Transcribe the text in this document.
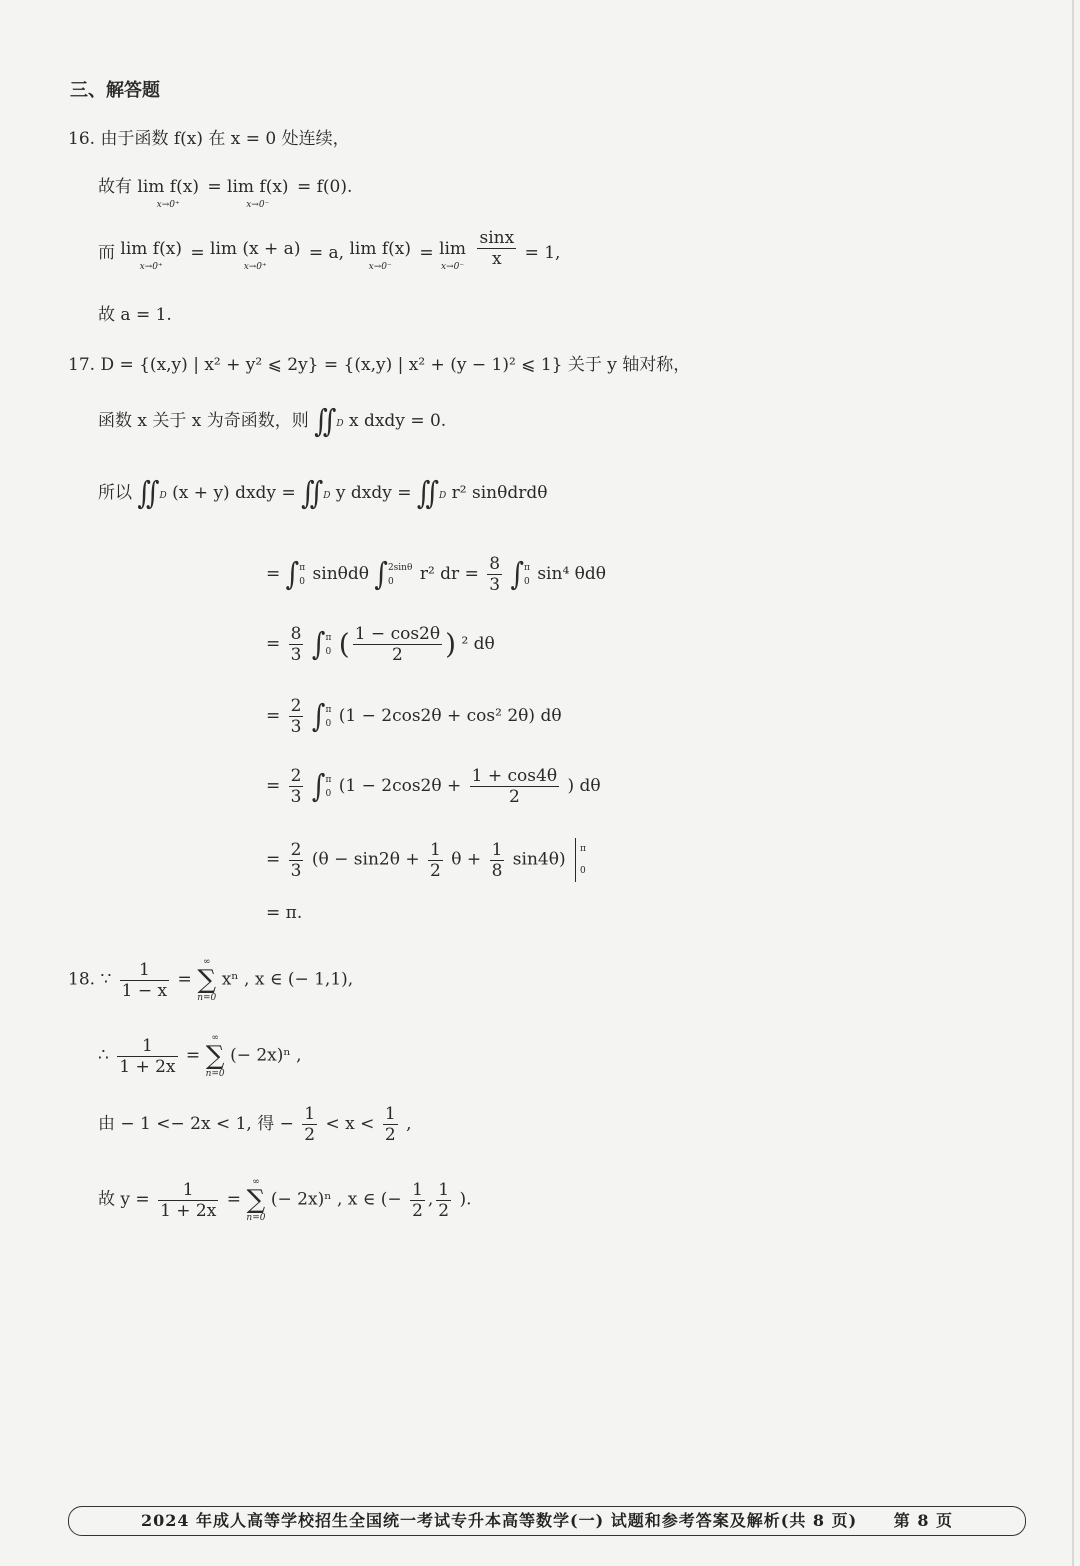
三、解答题
16. 由于函数 f(x) 在 x = 0 处连续，
故有 lim f(x)
x→0⁺
= lim f(x)
x→0⁻
= f(0).
而 lim f(x)
x→0⁺
= lim (x + a)
x→0⁺
= a, lim f(x)
x→0⁻
= lim
x→0⁻
$\frac{\sin x}{x} = 1$,
故 a = 1.
17. D = {(x,y) | x² + y² ⩽ 2y} = {(x,y) | x² + (y − 1)² ⩽ 1} 关于 y 轴对称，
函数 x 关于 x 为奇函数，则 ∬D x dxdy = 0.
所以 ∬D (x + y) dxdy = ∬D y dxdy = ∬D r² sinθdrdθ
= ∫ π
0 sinθdθ ∫ 2sinθ
0	r² dr = $\frac{8}{3}$ ∫ π
0 sin⁴ θdθ
= $\frac{8}{3}$ ∫ π
0 ( $\frac{1 - \cos 2\theta}{2}$ ) ² dθ
= $\frac{2}{3}$ ∫ π
0 (1 − 2cos2θ + cos² 2θ) dθ
= $\frac{2}{3}$ ∫ π
0 ($1 - 2\cos 2\theta + \frac{1 + \cos 4\theta}{2}$ ) dθ
= $\frac{2}{3} (\theta - \sin 2\theta + \frac{1}{2}$ $\theta + \frac{1}{8} \sin 4\theta$)
π
0
= π.
18. ∵ $\frac{1}{1 - x}$ =
∞
∑
n=0
xⁿ , x ∈ (− 1,1),
∴ $\frac{1}{1 + 2x}$ =
∞
∑
n=0
(− 2x)ⁿ ,
由 − 1 <− 2x < 1, 得 − $\frac{1}{2} < x < \frac{1}{2}$ ,
故 $y = \frac{1}{1 + 2x}$ =
∞
∑
n=0
(− 2x)ⁿ , x ∈ (− $\frac{1}{2}$ , $\frac{1}{2}$ ).
2024 年成人高等学校招生全国统一考试专升本高等数学(一) 试题和参考答案及解析(共 8 页) 第 8 页
